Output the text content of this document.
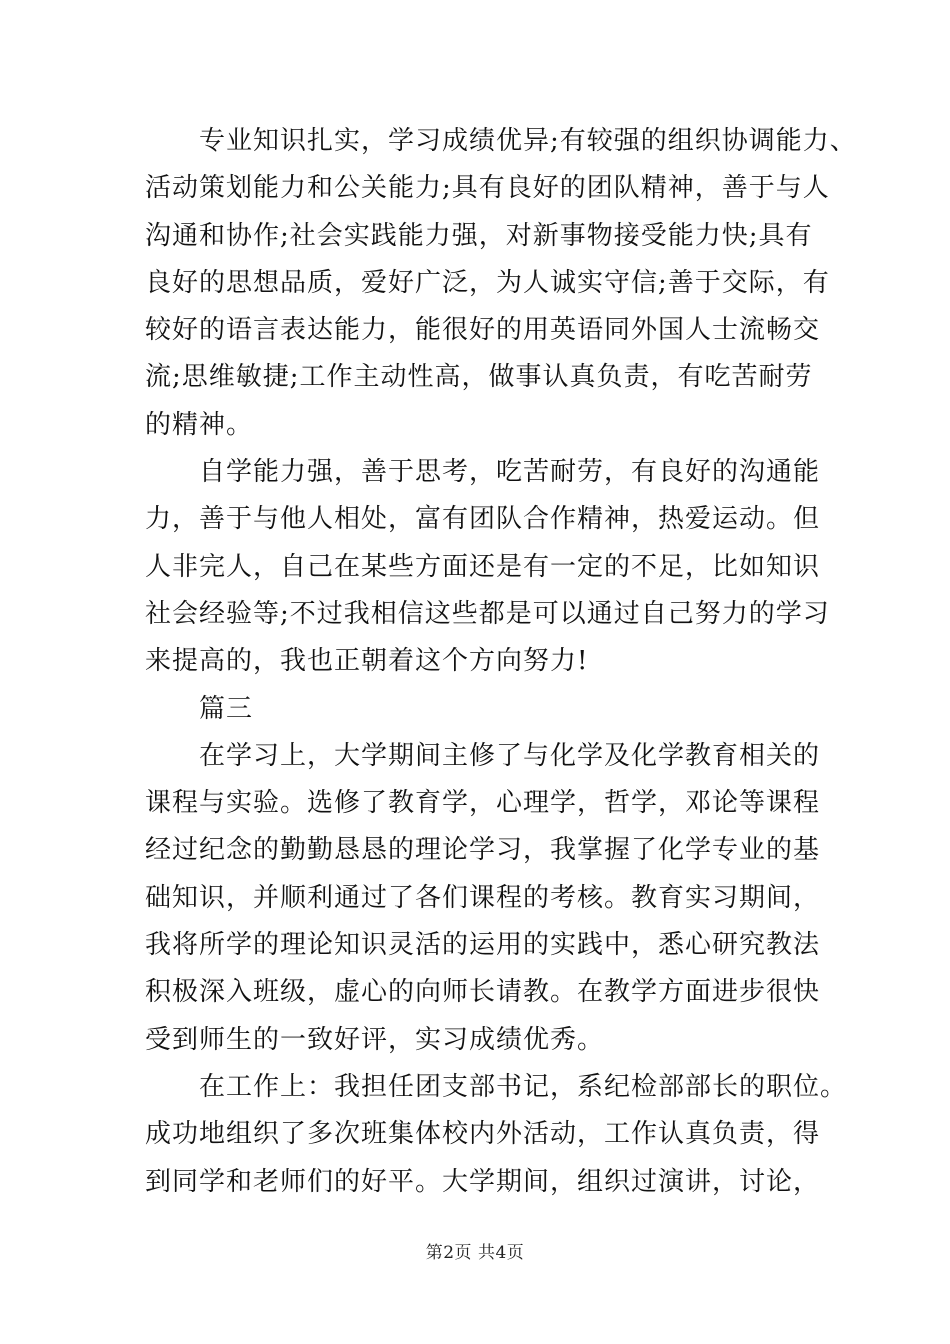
专业知识扎实，学习成绩优异;有较强的组织协调能力、
活动策划能力和公关能力;具有良好的团队精神，善于与人
沟通和协作;社会实践能力强，对新事物接受能力快;具有
良好的思想品质，爱好广泛，为人诚实守信;善于交际，有
较好的语言表达能力，能很好的用英语同外国人士流畅交
流;思维敏捷;工作主动性高，做事认真负责，有吃苦耐劳
的精神。

自学能力强，善于思考，吃苦耐劳，有良好的沟通能
力，善于与他人相处，富有团队合作精神，热爱运动。但
人非完人，自己在某些方面还是有一定的不足，比如知识
社会经验等;不过我相信这些都是可以通过自己努力的学习
来提高的，我也正朝着这个方向努力!

篇三

在学习上，大学期间主修了与化学及化学教育相关的
课程与实验。选修了教育学，心理学，哲学，邓论等课程
经过纪念的勤勤恳恳的理论学习，我掌握了化学专业的基
础知识，并顺利通过了各们课程的考核。教育实习期间，
我将所学的理论知识灵活的运用的实践中，悉心研究教法
积极深入班级，虚心的向师长请教。在教学方面进步很快
受到师生的一致好评，实习成绩优秀。

在工作上：我担任团支部书记，系纪检部部长的职位。
成功地组织了多次班集体校内外活动，工作认真负责，得
到同学和老师们的好平。大学期间，组织过演讲，讨论，

第2页 共4页
